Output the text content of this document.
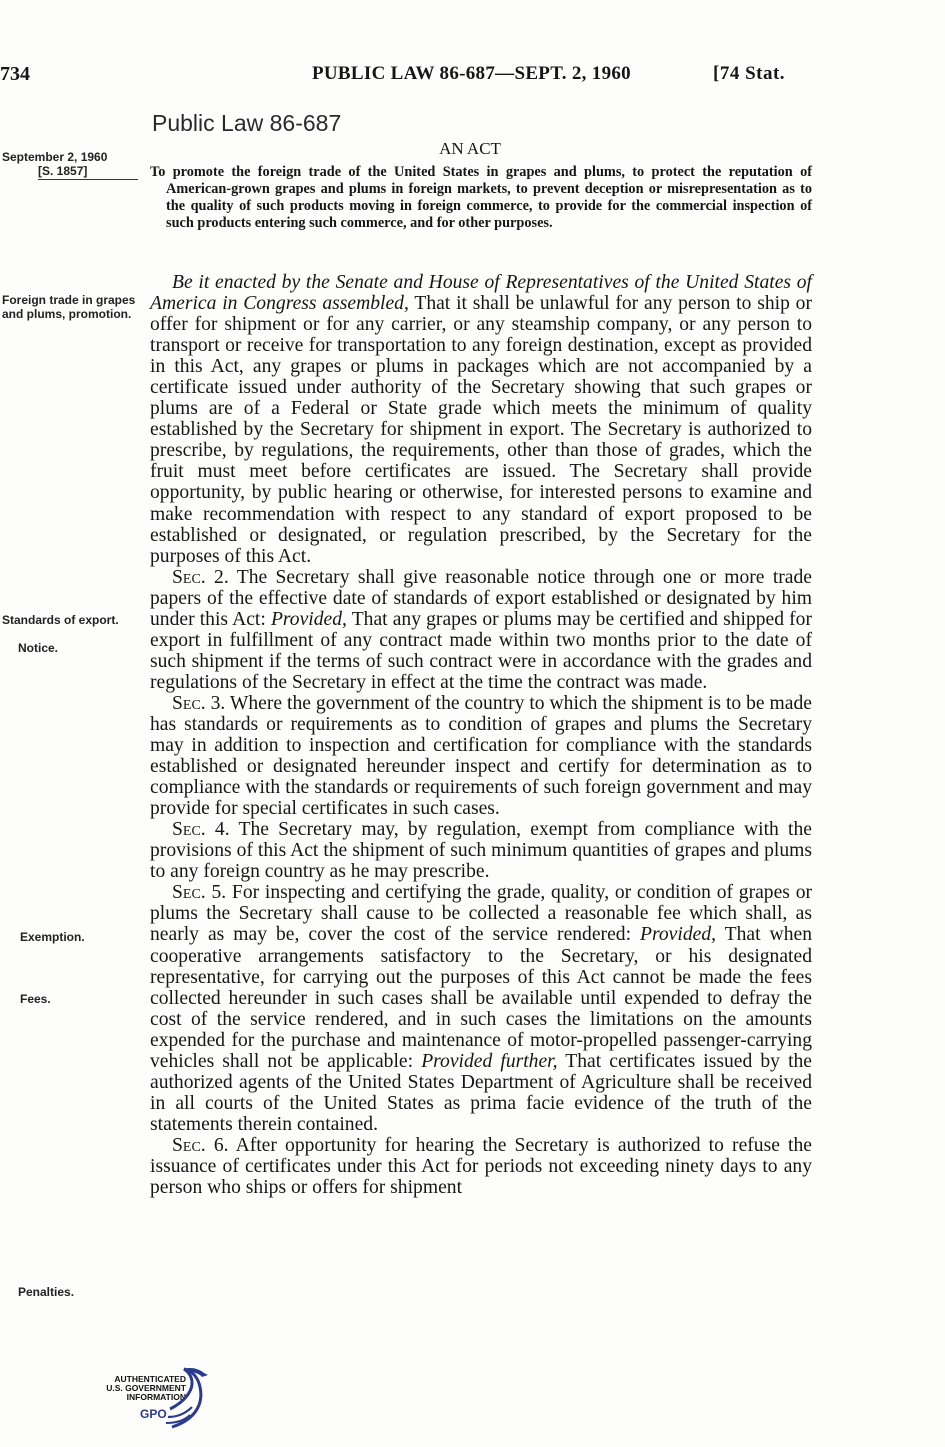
734	PUBLIC LAW 86-687—SEPT. 2, 1960	[74 Stat.
Public Law 86-687
AN ACT
September 2, 1960
[S. 1857]	To promote the foreign trade of the United States in grapes and plums, to protect the reputation of American-grown grapes and plums in foreign markets, to prevent deception or misrepresentation as to the quality of such products moving in foreign commerce, to provide for the commercial inspection of such products entering such commerce, and for other purposes.
Foreign trade in grapes and plums, promotion.
Standards of export.
Notice.
Exemption.
Fees.
Penalties.

Be it enacted by the Senate and House of Representatives of the United States of America in Congress assembled, That it shall be unlawful for any person to ship or offer for shipment or for any carrier, or any steamship company, or any person to transport or receive for transportation to any foreign destination, except as provided in this Act, any grapes or plums in packages which are not accompanied by a certificate issued under authority of the Secretary showing that such grapes or plums are of a Federal or State grade which meets the minimum of quality established by the Secretary for shipment in export. The Secretary is authorized to prescribe, by regulations, the requirements, other than those of grades, which the fruit must meet before certificates are issued. The Secretary shall provide opportunity, by public hearing or otherwise, for interested persons to examine and make recommendation with respect to any standard of export proposed to be established or designated, or regulation prescribed, by the Secretary for the purposes of this Act.

Sec. 2. The Secretary shall give reasonable notice through one or more trade papers of the effective date of standards of export established or designated by him under this Act: Provided, That any grapes or plums may be certified and shipped for export in fulfillment of any contract made within two months prior to the date of such shipment if the terms of such contract were in accordance with the grades and regulations of the Secretary in effect at the time the contract was made.

Sec. 3. Where the government of the country to which the shipment is to be made has standards or requirements as to condition of grapes and plums the Secretary may in addition to inspection and certification for compliance with the standards established or designated hereunder inspect and certify for determination as to compliance with the standards or requirements of such foreign government and may provide for special certificates in such cases.

Sec. 4. The Secretary may, by regulation, exempt from compliance with the provisions of this Act the shipment of such minimum quantities of grapes and plums to any foreign country as he may prescribe.

Sec. 5. For inspecting and certifying the grade, quality, or condition of grapes or plums the Secretary shall cause to be collected a reasonable fee which shall, as nearly as may be, cover the cost of the service rendered: Provided, That when cooperative arrangements satisfactory to the Secretary, or his designated representative, for carrying out the purposes of this Act cannot be made the fees collected hereunder in such cases shall be available until expended to defray the cost of the service rendered, and in such cases the limitations on the amounts expended for the purchase and maintenance of motor-propelled passenger-carrying vehicles shall not be applicable: Provided further, That certificates issued by the authorized agents of the United States Department of Agriculture shall be received in all courts of the United States as prima facie evidence of the truth of the statements therein contained.

Sec. 6. After opportunity for hearing the Secretary is authorized to refuse the issuance of certificates under this Act for periods not exceeding ninety days to any person who ships or offers for shipment

AUTHENTICATED
U.S. GOVERNMENT
INFORMATION
GPO
